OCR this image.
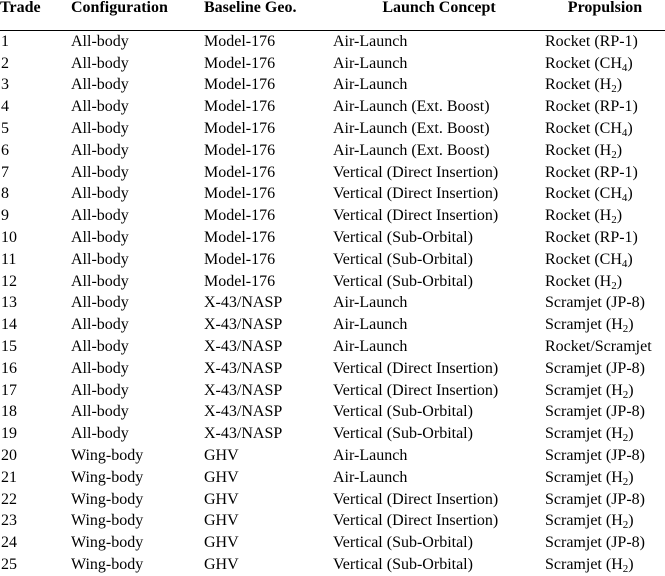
Trade	Configuration	Baseline Geo.	Launch Concept	Propulsion
1	All-body	Model-176	Air-Launch	Rocket (RP-1)
2	All-body	Model-176	Air-Launch	Rocket $(CH_4)$
3	All-body	Model-176	Air-Launch	Rocket $(H_2)$
4	All-body	Model-176	Air-Launch (Ext. Boost)	Rocket (RP-1)
5	All-body	Model-176	Air-Launch (Ext. Boost)	Rocket $(CH_4)$
6	All-body	Model-176	Air-Launch (Ext. Boost)	Rocket $(H_2)$
7	All-body	Model-176	Vertical (Direct Insertion)	Rocket (RP-1)
8	All-body	Model-176	Vertical (Direct Insertion)	Rocket $(CH_4)$
9	All-body	Model-176	Vertical (Direct Insertion)	Rocket $(H_2)$
10	All-body	Model-176	Vertical (Sub-Orbital)	Rocket (RP-1)
11	All-body	Model-176	Vertical (Sub-Orbital)	Rocket $(CH_4)$
12	All-body	Model-176	Vertical (Sub-Orbital)	Rocket $(H_2)$
13	All-body	X-43/NASP	Air-Launch	Scramjet (JP-8)
14	All-body	X-43/NASP	Air-Launch	Scramjet $(H_2)$
15	All-body	X-43/NASP	Air-Launch	Rocket/Scramjet
16	All-body	X-43/NASP	Vertical (Direct Insertion)	Scramjet (JP-8)
17	All-body	X-43/NASP	Vertical (Direct Insertion)	Scramjet $(H_2)$
18	All-body	X-43/NASP	Vertical (Sub-Orbital)	Scramjet (JP-8)
19	All-body	X-43/NASP	Vertical (Sub-Orbital)	Scramjet $(H_2)$
20	Wing-body	GHV	Air-Launch	Scramjet (JP-8)
21	Wing-body	GHV	Air-Launch	Scramjet $(H_2)$
22	Wing-body	GHV	Vertical (Direct Insertion)	Scramjet (JP-8)
23	Wing-body	GHV	Vertical (Direct Insertion)	Scramjet $(H_2)$
24	Wing-body	GHV	Vertical (Sub-Orbital)	Scramjet (JP-8)
25	Wing-body	GHV	Vertical (Sub-Orbital)	Scramjet $(H_2)$
